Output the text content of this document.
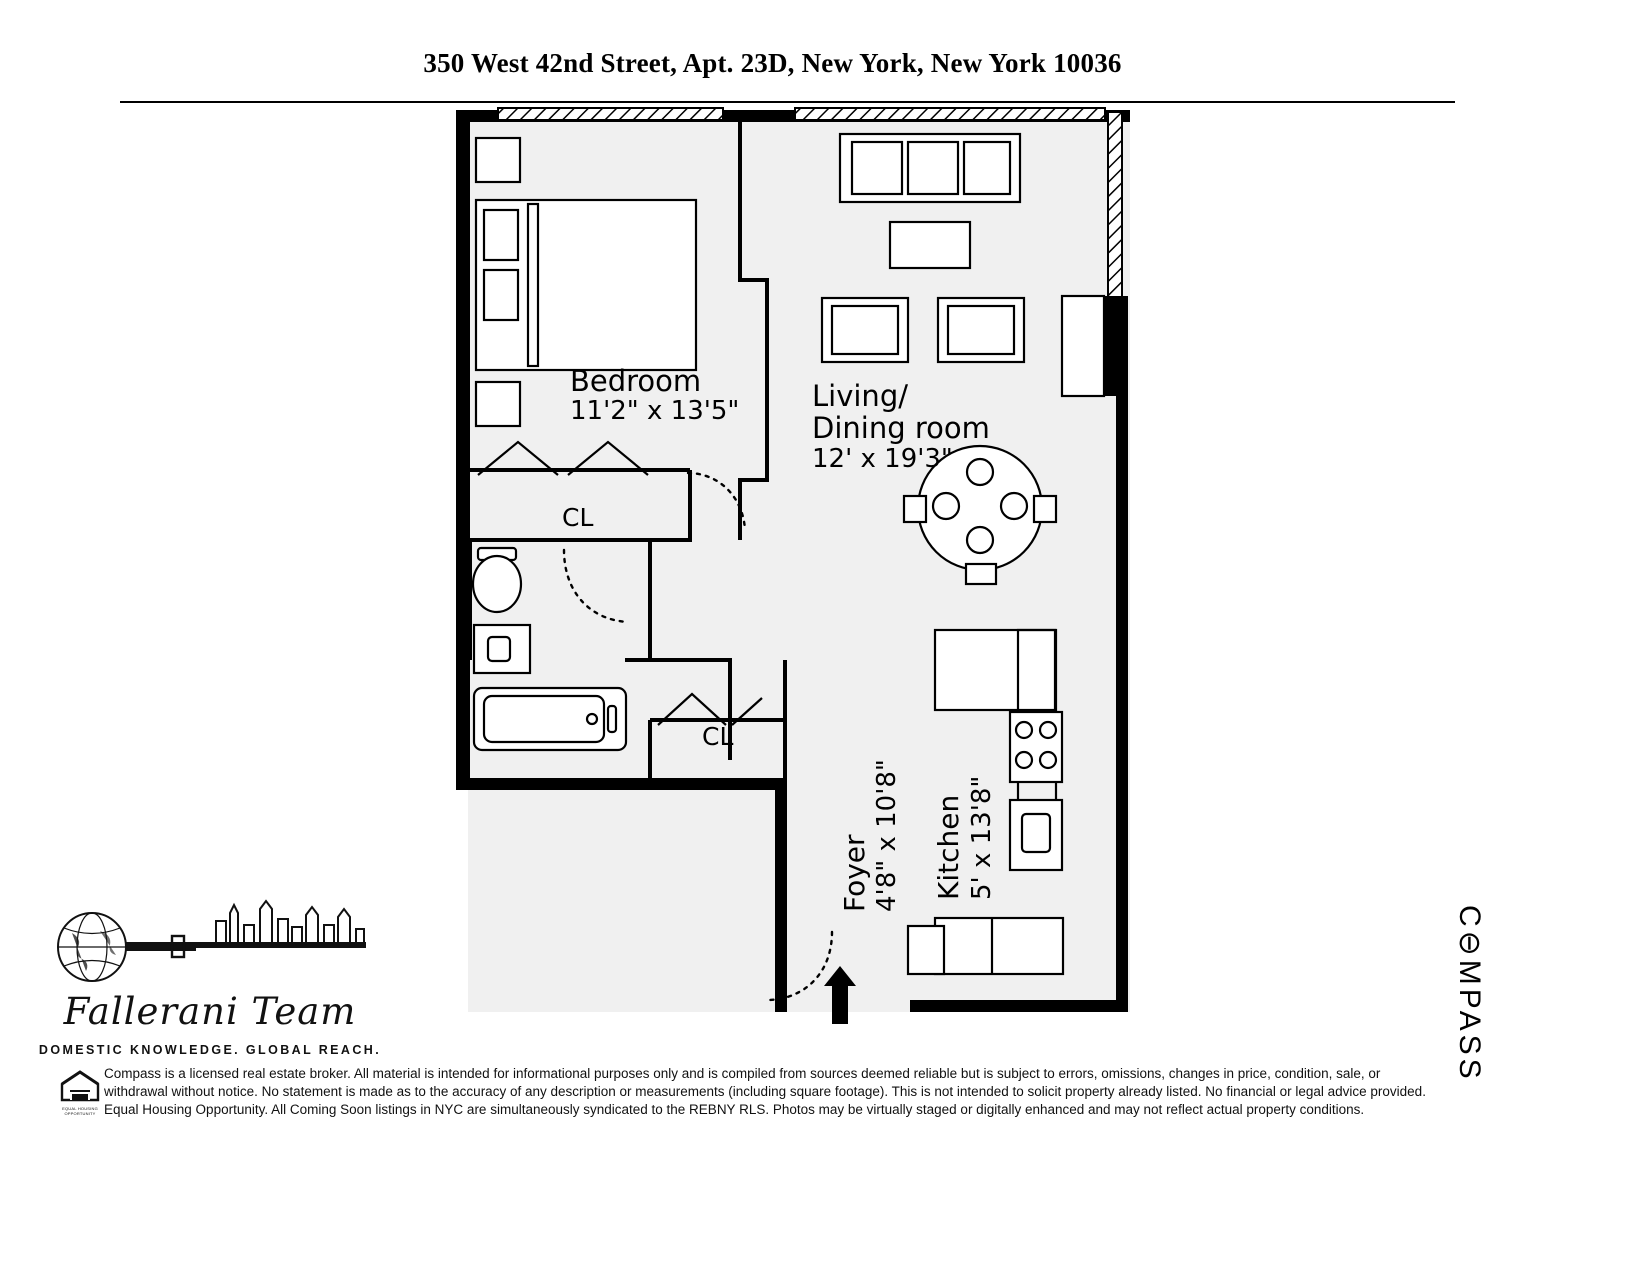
350 West 42nd Street, Apt. 23D, New York, New York 10036
Bedroom
11'2" x 13'5"	Living/
Dining room
12' x 19'3"
CL
CL
Foyer 4'8" x 10'8" Kitchen 5' x 13'8"
Fallerani Team
DOMESTIC KNOWLEDGE. GLOBAL REACH.	C⊖MPASS
EQUAL HOUSING
OPPORTUNITY
Compass is a licensed real estate broker. All material is intended for informational purposes only and is compiled from sources deemed reliable but is subject to errors, omissions, changes in price, condition, sale, or withdrawal without notice. No statement is made as to the accuracy of any description or measurements (including square footage). This is not intended to solicit property already listed. No financial or legal advice provided. Equal Housing Opportunity. All Coming Soon listings in NYC are simultaneously syndicated to the REBNY RLS. Photos may be virtually staged or digitally enhanced and may not reflect actual property conditions.
